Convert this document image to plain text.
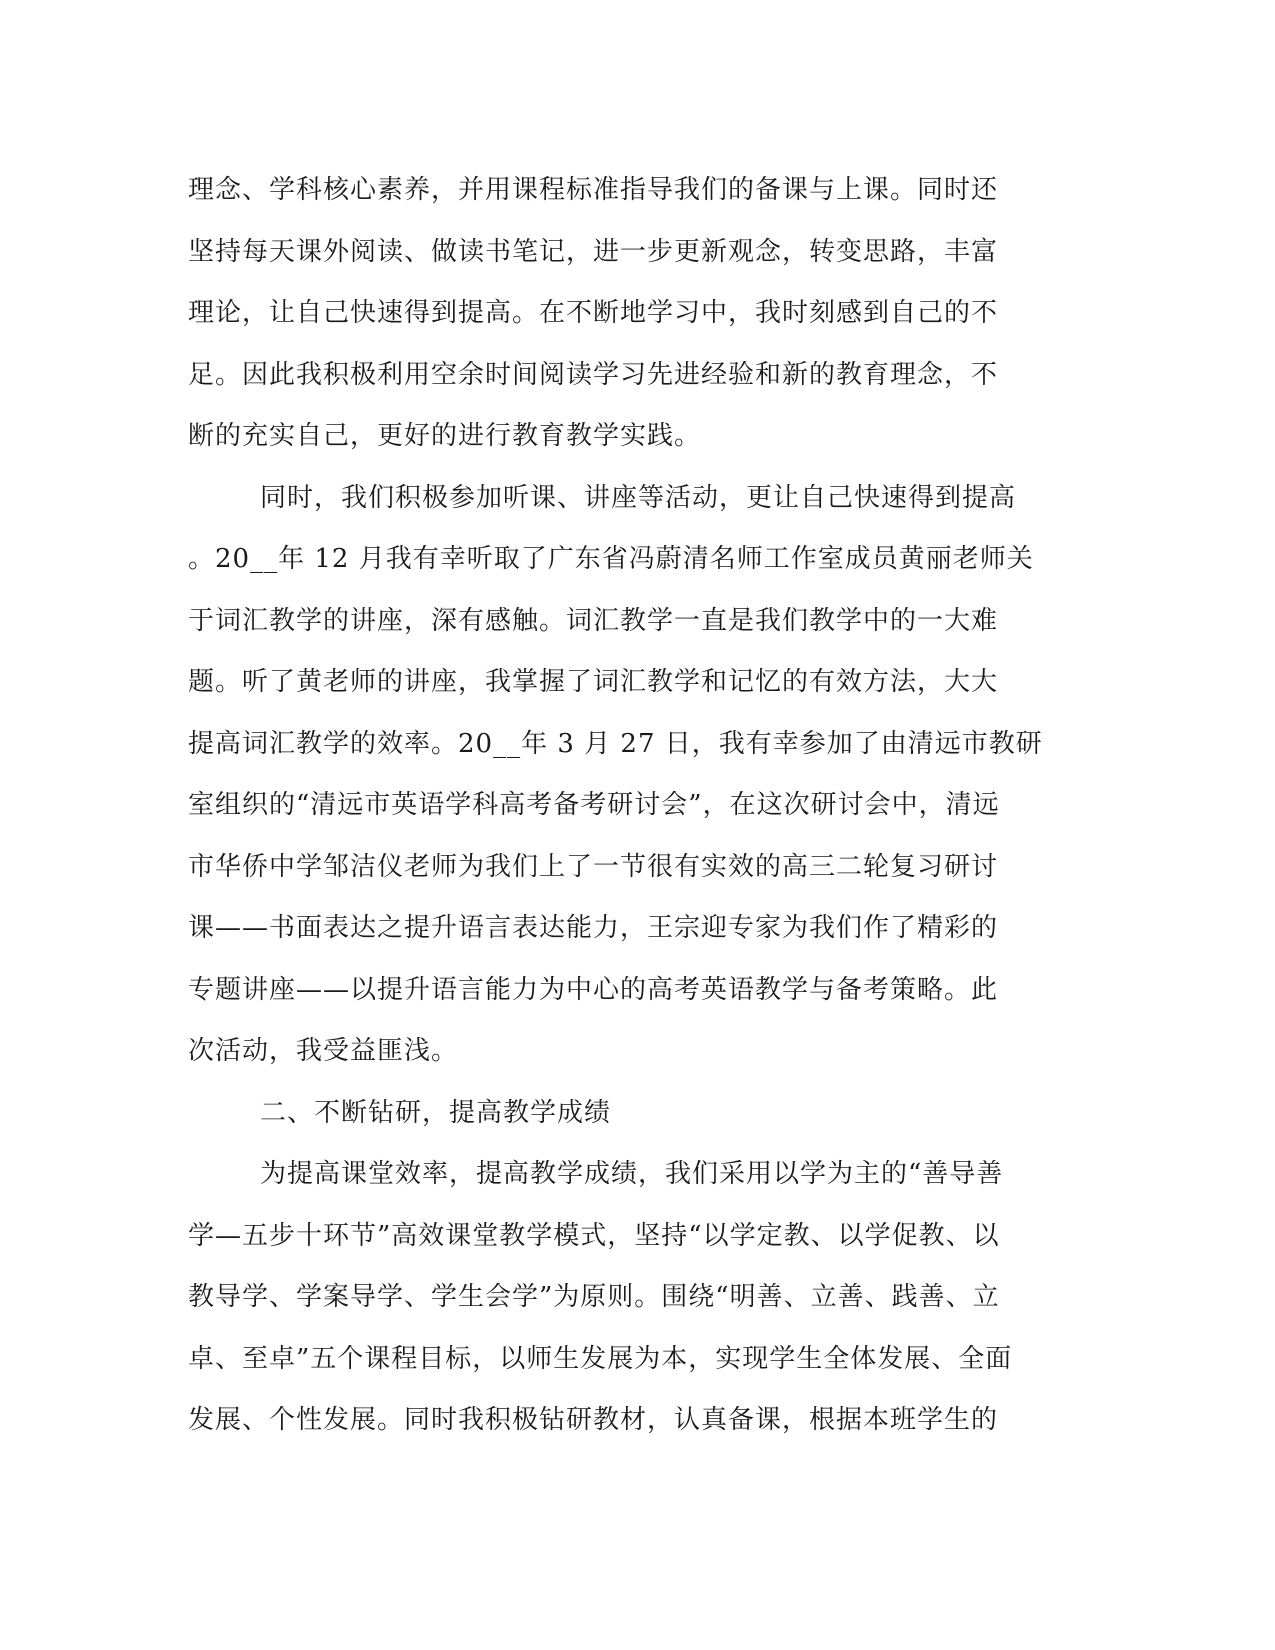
理念、学科核心素养，并用课程标准指导我们的备课与上课。同时还
坚持每天课外阅读、做读书笔记，进一步更新观念，转变思路，丰富
理论，让自己快速得到提高。在不断地学习中，我时刻感到自己的不
足。因此我积极利用空余时间阅读学习先进经验和新的教育理念，不
断的充实自己，更好的进行教育教学实践。
同时，我们积极参加听课、讲座等活动，更让自己快速得到提高
。20__年 12 月我有幸听取了广东省冯蔚清名师工作室成员黄丽老师关
于词汇教学的讲座，深有感触。词汇教学一直是我们教学中的一大难
题。听了黄老师的讲座，我掌握了词汇教学和记忆的有效方法，大大
提高词汇教学的效率。20__年 3 月 27 日，我有幸参加了由清远市教研
室组织的“清远市英语学科高考备考研讨会”，在这次研讨会中，清远
市华侨中学邹洁仪老师为我们上了一节很有实效的高三二轮复习研讨
课——书面表达之提升语言表达能力，王宗迎专家为我们作了精彩的
专题讲座——以提升语言能力为中心的高考英语教学与备考策略。此
次活动，我受益匪浅。
二、不断钻研，提高教学成绩
为提高课堂效率，提高教学成绩，我们采用以学为主的“善导善
学—五步十环节”高效课堂教学模式，坚持“以学定教、以学促教、以
教导学、学案导学、学生会学”为原则。围绕“明善、立善、践善、立
卓、至卓”五个课程目标，以师生发展为本，实现学生全体发展、全面
发展、个性发展。同时我积极钻研教材，认真备课，根据本班学生的
